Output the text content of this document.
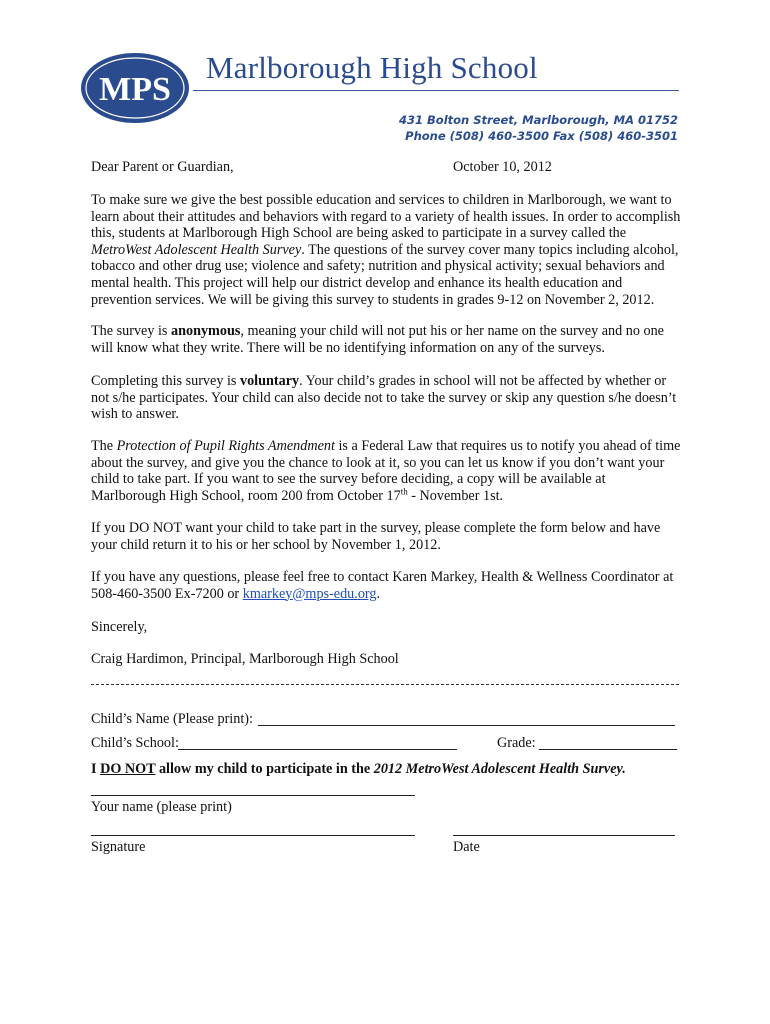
MPS
Marlborough High School
431 Bolton Street, Marlborough, MA 01752
Phone (508) 460-3500 Fax (508) 460-3501
Dear Parent or Guardian,	October 10, 2012
To make sure we give the best possible education and services to children in Marlborough, we want to learn about their attitudes and behaviors with regard to a variety of health issues. In order to accomplish this, students at Marlborough High School are being asked to participate in a survey called the MetroWest Adolescent Health Survey. The questions of the survey cover many topics including alcohol, tobacco and other drug use; violence and safety; nutrition and physical activity; sexual behaviors and mental health. This project will help our district develop and enhance its health education and prevention services. We will be giving this survey to students in grades 9-12 on November 2, 2012.
The survey is anonymous, meaning your child will not put his or her name on the survey and no one will know what they write. There will be no identifying information on any of the surveys.
Completing this survey is voluntary. Your child’s grades in school will not be affected by whether or not s/he participates. Your child can also decide not to take the survey or skip any question s/he doesn’t wish to answer.
The Protection of Pupil Rights Amendment is a Federal Law that requires us to notify you ahead of time about the survey, and give you the chance to look at it, so you can let us know if you don’t want your child to take part. If you want to see the survey before deciding, a copy will be available at Marlborough High School, room 200 from October 17th - November 1st.
If you DO NOT want your child to take part in the survey, please complete the form below and have your child return it to his or her school by November 1, 2012.
If you have any questions, please feel free to contact Karen Markey, Health & Wellness Coordinator at 508-460-3500 Ex-7200 or kmarkey@mps-edu.org.
Sincerely,
Craig Hardimon, Principal, Marlborough High School
Child’s Name (Please print):
Child’s School:	Grade:
I DO NOT allow my child to participate in the 2012 MetroWest Adolescent Health Survey.
Your name (please print)
Signature	Date
